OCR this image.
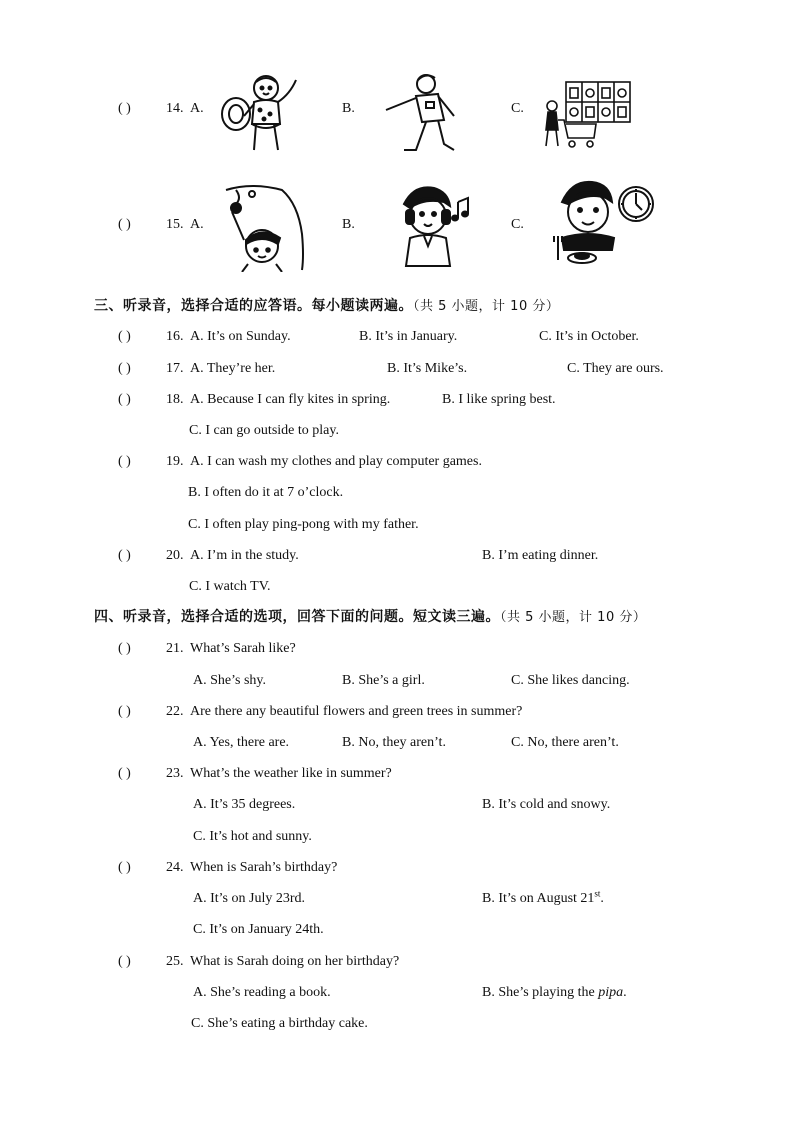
( )	14. A.	B.	C.
( )	15. A.	B.	C.
三、听录音，选择合适的应答语。每小题读两遍。（共 5 小题，计 10 分）
( )	16. A. It’s on Sunday.	B. It’s in January.	C. It’s in October.
( )	17. A. They’re her.	B. It’s Mike’s.	C. They are ours.
( )	18. A. Because I can fly kites in spring.	B. I like spring best.
C. I can go outside to play.
( )	19. A. I can wash my clothes and play computer games.
B. I often do it at 7 o’clock.
C. I often play ping-pong with my father.
( )	20. A. I’m in the study.	B. I’m eating dinner.
C. I watch TV.
四、听录音，选择合适的选项，回答下面的问题。短文读三遍。（共 5 小题，计 10 分）
( )	21. What’s Sarah like?
A. She’s shy.	B. She’s a girl.	C. She likes dancing.
( )	22. Are there any beautiful flowers and green trees in summer?
A. Yes, there are.	B. No, they aren’t.	C. No, there aren’t.
( )	23. What’s the weather like in summer?
A. It’s 35 degrees.	B. It’s cold and snowy.
C. It’s hot and sunny.
( )	24. When is Sarah’s birthday?
A. It’s on July 23rd.	B. It’s on August 21st.
C. It’s on January 24th.
( )	25. What is Sarah doing on her birthday?
A. She’s reading a book.	B. She’s playing the pipa.
C. She’s eating a birthday cake.
